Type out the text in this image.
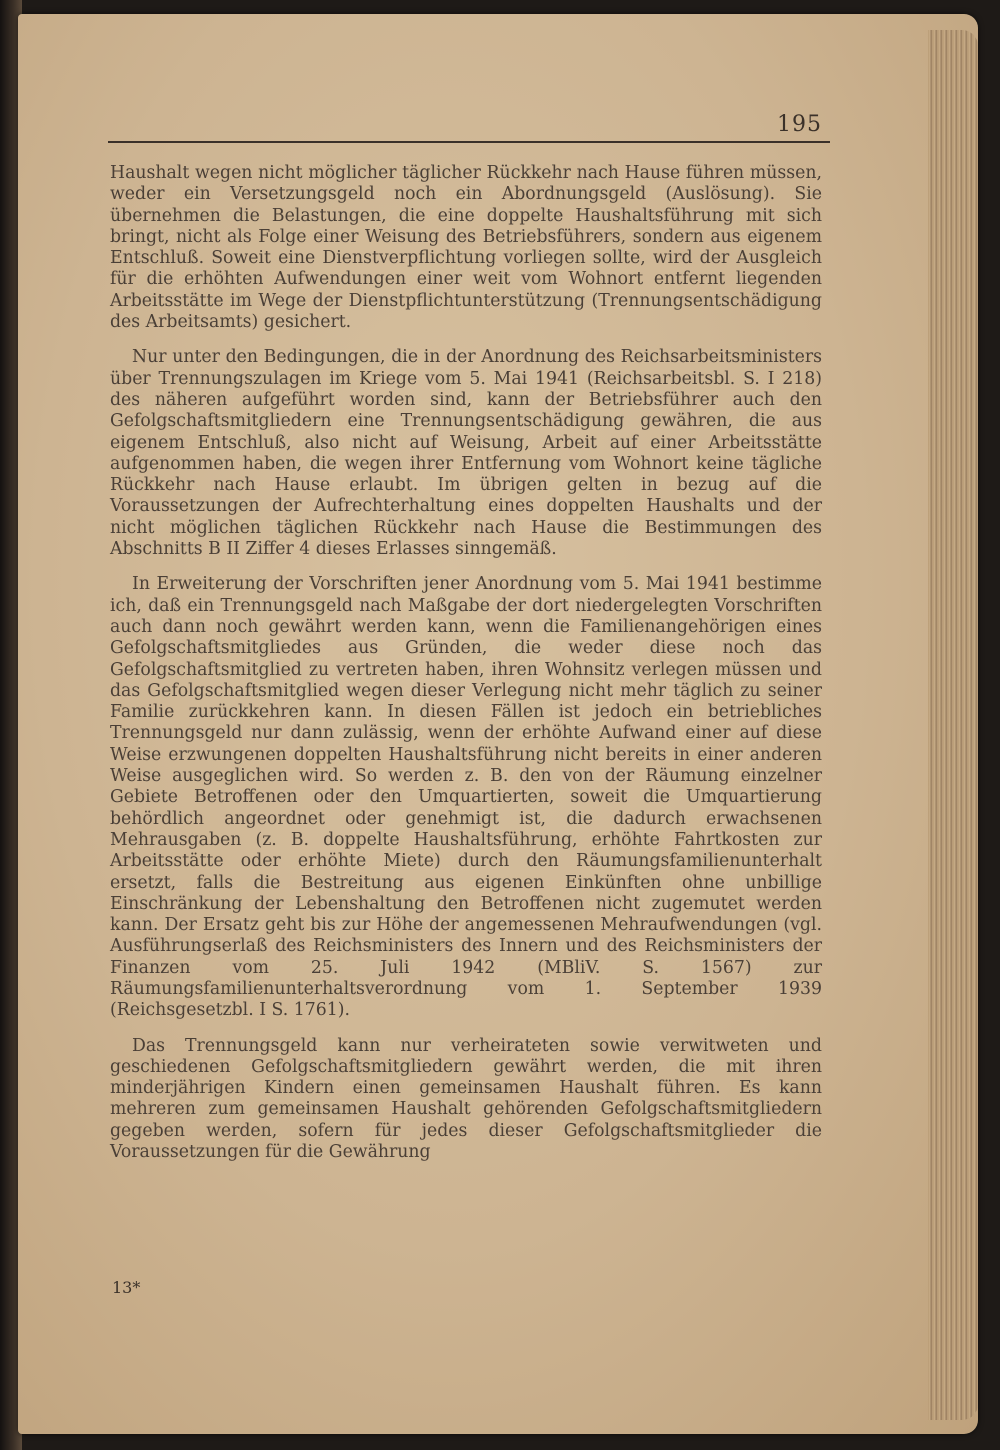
195

Haushalt wegen nicht möglicher täglicher Rückkehr nach Hause führen müssen, weder ein Versetzungsgeld noch ein Abordnungsgeld (Auslösung). Sie übernehmen die Belastungen, die eine doppelte Haushaltsführung mit sich bringt, nicht als Folge einer Weisung des Betriebsführers, sondern aus eigenem Entschluß. Soweit eine Dienstverpflichtung vorliegen sollte, wird der Ausgleich für die erhöhten Aufwendungen einer weit vom Wohnort entfernt liegenden Arbeitsstätte im Wege der Dienstpflichtunterstützung (Trennungsentschädigung des Arbeitsamts) gesichert.

Nur unter den Bedingungen, die in der Anordnung des Reichsarbeitsministers über Trennungszulagen im Kriege vom 5. Mai 1941 (Reichsarbeitsbl. S. I 218) des näheren aufgeführt worden sind, kann der Betriebsführer auch den Gefolgschaftsmitgliedern eine Trennungsentschädigung gewähren, die aus eigenem Entschluß, also nicht auf Weisung, Arbeit auf einer Arbeitsstätte aufgenommen haben, die wegen ihrer Entfernung vom Wohnort keine tägliche Rückkehr nach Hause erlaubt. Im übrigen gelten in bezug auf die Voraussetzungen der Aufrechterhaltung eines doppelten Haushalts und der nicht möglichen täglichen Rückkehr nach Hause die Bestimmungen des Abschnitts B II Ziffer 4 dieses Erlasses sinngemäß.

In Erweiterung der Vorschriften jener Anordnung vom 5. Mai 1941 bestimme ich, daß ein Trennungsgeld nach Maßgabe der dort niedergelegten Vorschriften auch dann noch gewährt werden kann, wenn die Familienangehörigen eines Gefolgschaftsmitgliedes aus Gründen, die weder diese noch das Gefolgschaftsmitglied zu vertreten haben, ihren Wohnsitz verlegen müssen und das Gefolgschaftsmitglied wegen dieser Verlegung nicht mehr täglich zu seiner Familie zurückkehren kann. In diesen Fällen ist jedoch ein betriebliches Trennungsgeld nur dann zulässig, wenn der erhöhte Aufwand einer auf diese Weise erzwungenen doppelten Haushaltsführung nicht bereits in einer anderen Weise ausgeglichen wird. So werden z. B. den von der Räumung einzelner Gebiete Betroffenen oder den Umquartierten, soweit die Umquartierung behördlich angeordnet oder genehmigt ist, die dadurch erwachsenen Mehrausgaben (z. B. doppelte Haushaltsführung, erhöhte Fahrtkosten zur Arbeitsstätte oder erhöhte Miete) durch den Räumungsfamilienunterhalt ersetzt, falls die Bestreitung aus eigenen Einkünften ohne unbillige Einschränkung der Lebenshaltung den Betroffenen nicht zugemutet werden kann. Der Ersatz geht bis zur Höhe der angemessenen Mehraufwendungen (vgl. Ausführungserlaß des Reichsministers des Innern und des Reichsministers der Finanzen vom 25. Juli 1942 (MBliV. S. 1567) zur Räumungsfamilienunterhaltsverordnung vom 1. September 1939 (Reichsgesetzbl. I S. 1761).

Das Trennungsgeld kann nur verheirateten sowie verwitweten und geschiedenen Gefolgschaftsmitgliedern gewährt werden, die mit ihren minderjährigen Kindern einen gemeinsamen Haushalt führen. Es kann mehreren zum gemeinsamen Haushalt gehörenden Gefolgschaftsmitgliedern gegeben werden, sofern für jedes dieser Gefolgschaftsmitglieder die Voraussetzungen für die Gewährung

13*
